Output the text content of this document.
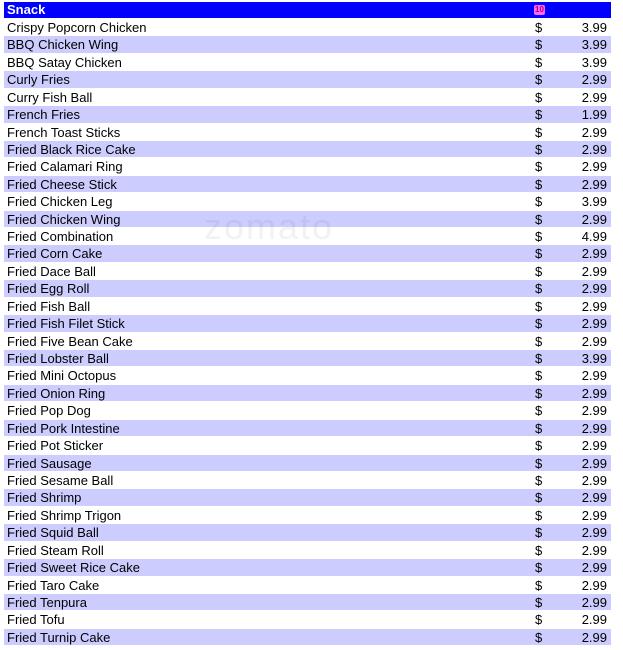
Snack	10
Crispy Popcorn Chicken	$	3.99
BBQ Chicken Wing	$	3.99
BBQ Satay Chicken	$	3.99
Curly Fries	$	2.99
Curry Fish Ball	$	2.99
French Fries	$	1.99
French Toast Sticks	$	2.99
Fried Black Rice Cake	$	2.99
Fried Calamari Ring	$	2.99
Fried Cheese Stick	$	2.99
Fried Chicken Leg	$	3.99
Fried Chicken Wing	$	2.99
Fried Combination	$	4.99
Fried Corn Cake	$	2.99
Fried Dace Ball	$	2.99
Fried Egg Roll	$	2.99
Fried Fish Ball	$	2.99
Fried Fish Filet Stick	$	2.99
Fried Five Bean Cake	$	2.99
Fried Lobster Ball	$	3.99
Fried Mini Octopus	$	2.99
Fried Onion Ring	$	2.99
Fried Pop Dog	$	2.99
Fried Pork Intestine	$	2.99
Fried Pot Sticker	$	2.99
Fried Sausage	$	2.99
Fried Sesame Ball	$	2.99
Fried Shrimp	$	2.99
Fried Shrimp Trigon	$	2.99
Fried Squid Ball	$	2.99
Fried Steam Roll	$	2.99
Fried Sweet Rice Cake	$	2.99
Fried Taro Cake	$	2.99
Fried Tenpura	$	2.99
Fried Tofu	$	2.99
Fried Turnip Cake	$	2.99
